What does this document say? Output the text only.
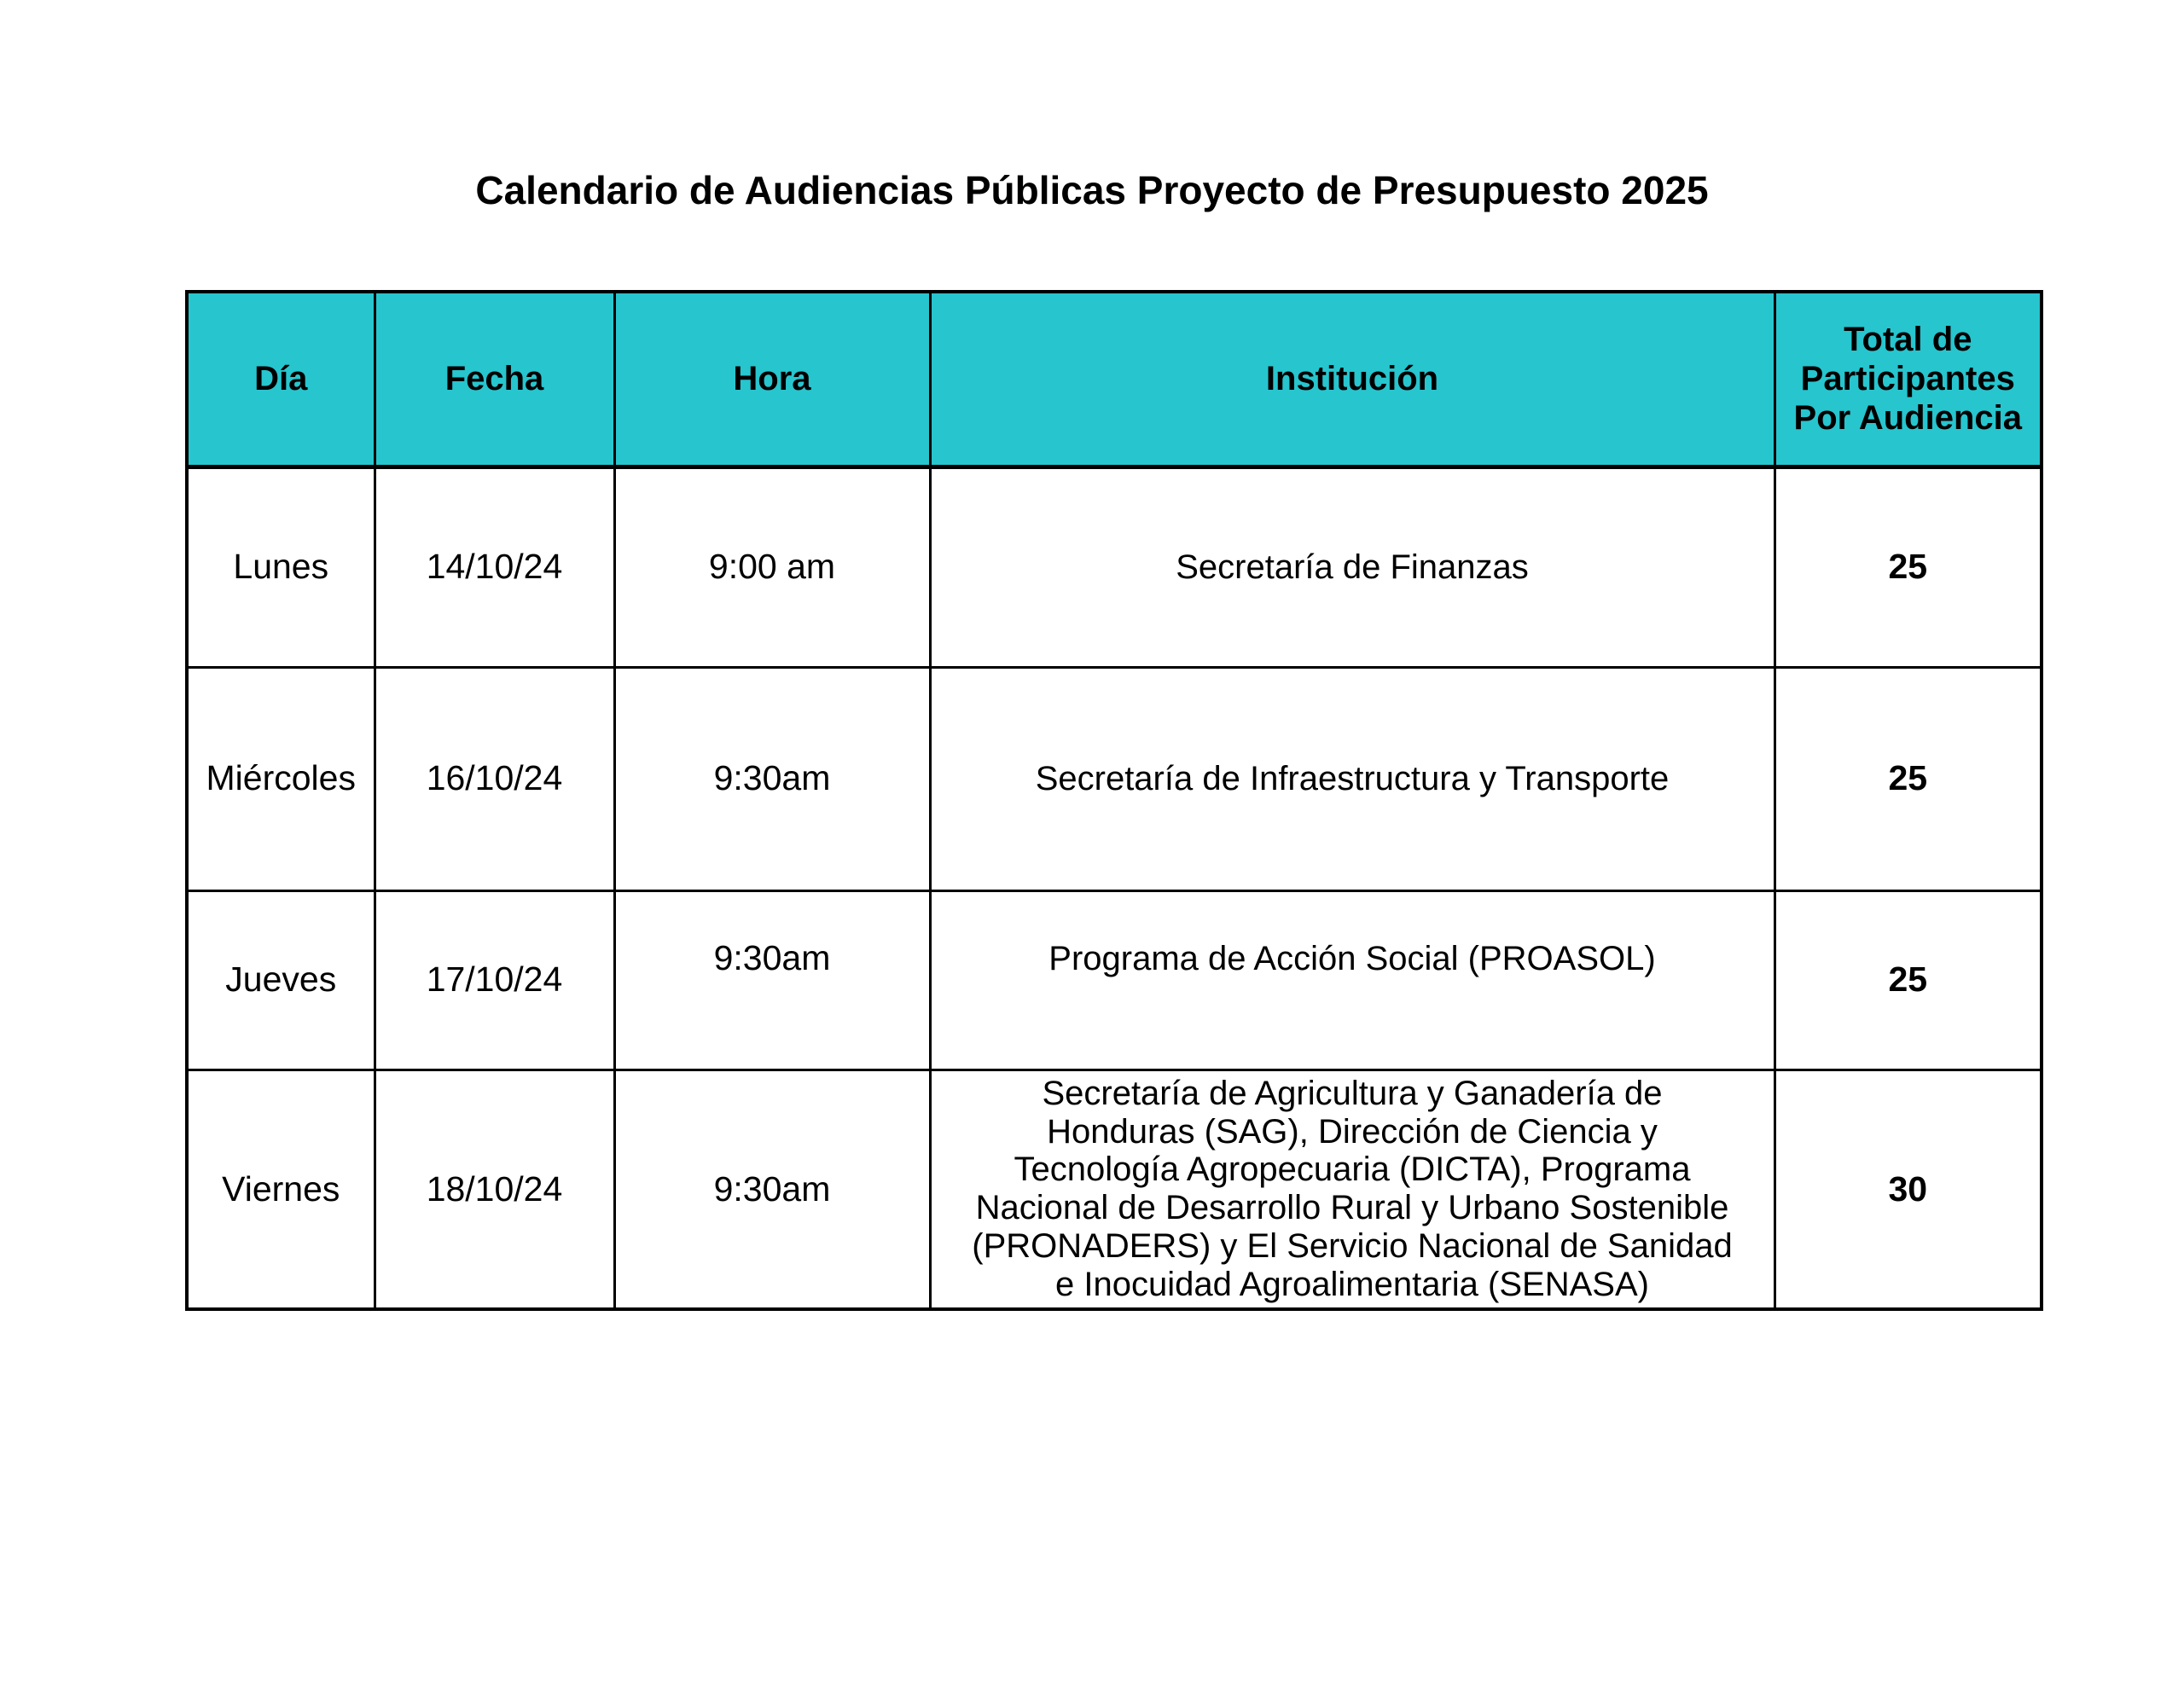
Calendario de Audiencias Públicas Proyecto de Presupuesto 2025
Día	Fecha	Hora	Institución	Total de Participantes Por Audiencia
Lunes	14/10/24	9:00 am	Secretaría de Finanzas	25
Miércoles	16/10/24	9:30am	Secretaría de Infraestructura y Transporte	25
Jueves	17/10/24	9:30am	Programa de Acción Social (PROASOL)	25
Viernes	18/10/24	9:30am	Secretaría de Agricultura y Ganadería de Honduras (SAG), Dirección de Ciencia y Tecnología Agropecuaria (DICTA), Programa Nacional de Desarrollo Rural y Urbano Sostenible (PRONADERS) y El Servicio Nacional de Sanidad e Inocuidad Agroalimentaria (SENASA)	30
